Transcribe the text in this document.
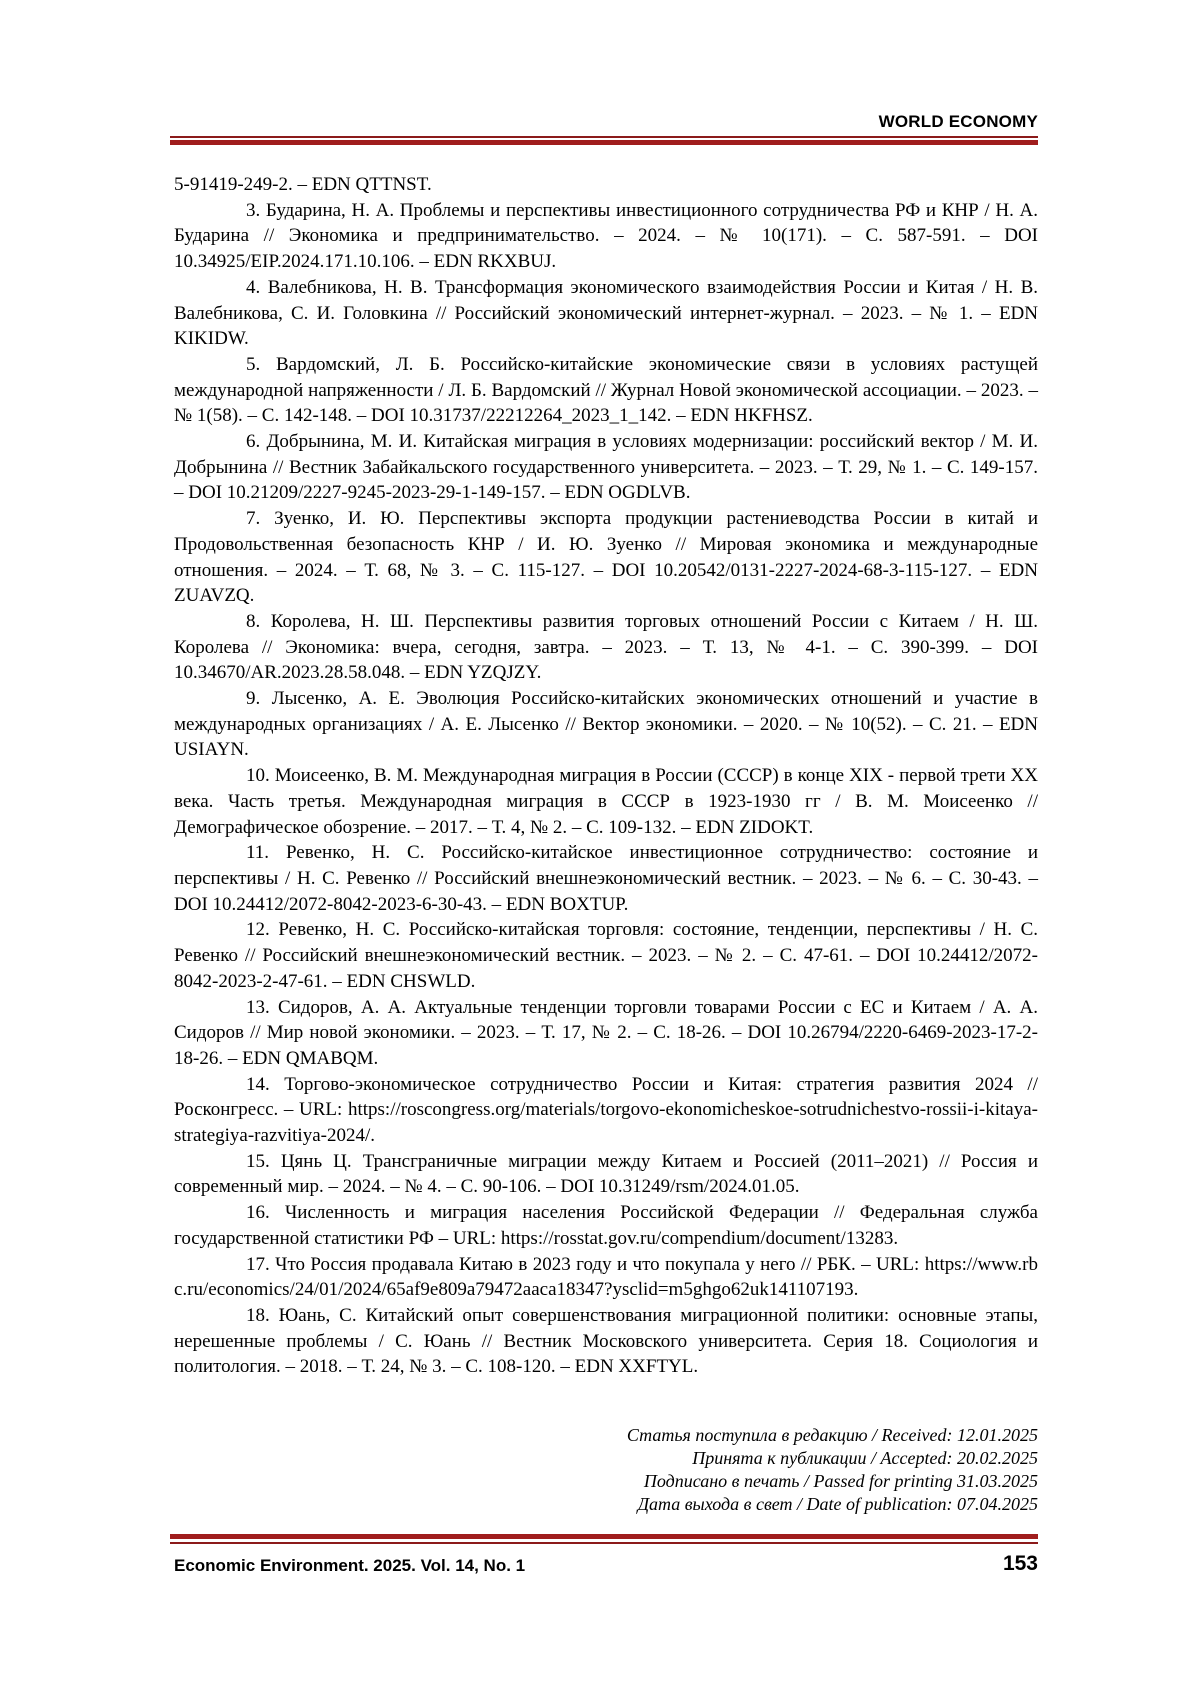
WORLD ECONOMY

5-91419-249-2. – EDN QTTNST.

3. Бударина, Н. А. Проблемы и перспективы инвестиционного сотрудничества РФ и КНР / Н. А. Бударина // Экономика и предпринимательство. – 2024. – № 10(171). – С. 587-591. – DOI 10.34925/EIP.2024.171.10.106. – EDN RKXBUJ.

4. Валебникова, Н. В. Трансформация экономического взаимодействия России и Китая / Н. В. Валебникова, С. И. Головкина // Российский экономический интернет-журнал. – 2023. – № 1. – EDN KIKIDW.

5. Вардомский, Л. Б. Российско-китайские экономические связи в условиях растущей международной напряженности / Л. Б. Вардомский // Журнал Новой экономической ассоциации. – 2023. – № 1(58). – С. 142-148. – DOI 10.31737/22212264_2023_1_142. – EDN HKFHSZ.

6. Добрынина, М. И. Китайская миграция в условиях модернизации: российский вектор / М. И. Добрынина // Вестник Забайкальского государственного университета. – 2023. – Т. 29, № 1. – С. 149-157. – DOI 10.21209/2227-9245-2023-29-1-149-157. – EDN OGDLVB.

7. Зуенко, И. Ю. Перспективы экспорта продукции растениеводства России в китай и Продовольственная безопасность КНР / И. Ю. Зуенко // Мировая экономика и международные отношения. – 2024. – Т. 68, № 3. – С. 115-127. – DOI 10.20542/0131-2227-2024-68-3-115-127. – EDN ZUAVZQ.

8. Королева, Н. Ш. Перспективы развития торговых отношений России с Китаем / Н. Ш. Королева // Экономика: вчера, сегодня, завтра. – 2023. – Т. 13, № 4-1. – С. 390-399. – DOI 10.34670/AR.2023.28.58.048. – EDN YZQJZY.

9. Лысенко, А. Е. Эволюция Российско-китайских экономических отношений и участие в международных организациях / А. Е. Лысенко // Вектор экономики. – 2020. – № 10(52). – С. 21. – EDN USIAYN.

10. Моисеенко, В. М. Международная миграция в России (СССР) в конце XIX - первой трети XX века. Часть третья. Международная миграция в СССР в 1923-1930 гг / В. М. Моисеенко // Демографическое обозрение. – 2017. – Т. 4, № 2. – С. 109-132. – EDN ZIDOKT.

11. Ревенко, Н. С. Российско-китайское инвестиционное сотрудничество: состояние и перспективы / Н. С. Ревенко // Российский внешнеэкономический вестник. – 2023. – № 6. – С. 30-43. – DOI 10.24412/2072-8042-2023-6-30-43. – EDN BOXTUP.

12. Ревенко, Н. С. Российско-китайская торговля: состояние, тенденции, перспективы / Н. С. Ревенко // Российский внешнеэкономический вестник. – 2023. – № 2. – С. 47-61. – DOI 10.24412/2072-8042-2023-2-47-61. – EDN CHSWLD.

13. Сидоров, А. А. Актуальные тенденции торговли товарами России с ЕС и Китаем / А. А. Сидоров // Мир новой экономики. – 2023. – Т. 17, № 2. – С. 18-26. – DOI 10.26794/2220-6469-2023-17-2-18-26. – EDN QMABQM.

14. Торгово-экономическое сотрудничество России и Китая: стратегия развития 2024 // Росконгресс. – URL: https://roscongress.org/materials/torgovo-ekonomicheskoe-sotrudnichestvo-rossii-i-kitaya-strategiya-razvitiya-2024/.

15. Цянь Ц. Трансграничные миграции между Китаем и Россией (2011–2021) // Россия и современный мир. – 2024. – № 4. – С. 90-106. – DOI 10.31249/rsm/2024.01.05.

16. Численность и миграция населения Российской Федерации // Федеральная служба государственной статистики РФ – URL: https://rosstat.gov.ru/compendium/document/13283.

17. Что Россия продавала Китаю в 2023 году и что покупала у него // РБК. – URL: https://www.rbc.ru/economics/24/01/2024/65af9e809a79472aaca18347?ysclid=m5ghgo62uk141107193.

18. Юань, С. Китайский опыт совершенствования миграционной политики: основные этапы, нерешенные проблемы / С. Юань // Вестник Московского университета. Серия 18. Социология и политология. – 2018. – Т. 24, № 3. – С. 108-120. – EDN XXFTYL.

Статья поступила в редакцию / Received: 12.01.2025
Принята к публикации / Accepted: 20.02.2025
Подписано в печать / Passed for printing 31.03.2025
Дата выхода в свет / Date of publication: 07.04.2025
Economic Environment. 2025. Vol. 14, No. 1	153
